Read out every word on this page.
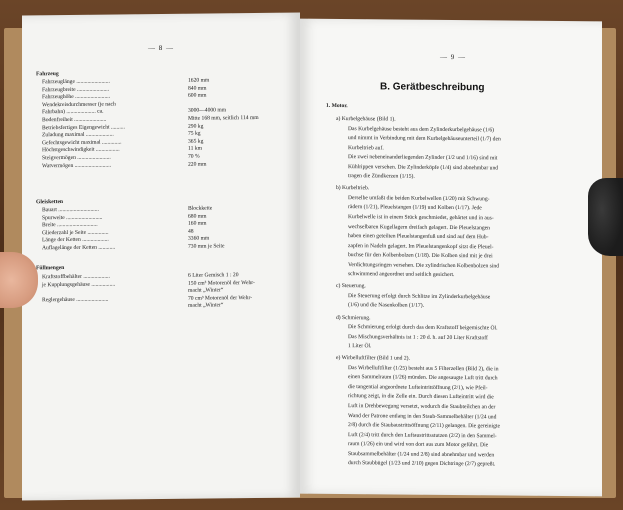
— 8 —
Fahrzeug
Fahrzeuglänge ........................	1620 mm
Fahrzeugbreite .......................	840 mm
Fahrzeughöhe .........................	600 mm
Wendekreisdurchmesser (je nach
Fahrbahn) ..................... ca.	3000—4000 mm
Bodenfreiheit .......................	Mitte 168 mm, seitlich 114 mm
Betriebsfertiges Eigengewicht ..........	290 kg
Zuladung maximal ....................	75 kg
Gefechtsgewicht maximal ..............	365 kg
Höchstgeschwindigkeit .................	11 km
Steigvermögen ........................	70 %
Watvermögen ..........................	220 mm
Gleisketten
Bauart .............................	Blockkette
Spurweite ..........................	680 mm
Breite .............................	160 mm
Gliederzahl je Seite ...............	48
Länge der Ketten ...................	3360 mm
Auflagelänge der Ketten ............	730 mm je Seite
Füllmengen
Kraftstoffbehälter ...................	6 Liter Gemisch 1 : 20
je Kupplungsgehäuse .................	150 cm³ Motorenöl der Wehr-
macht „Winter“
Reglergehäuse .......................	70 cm³ Motorenöl der Wehr-
macht „Winter“
— 9 —
B. Gerätbeschreibung
1. Motor.
a) Kurbelgehäuse (Bild 1).
Das Kurbelgehäuse besteht aus dem Zylinderkurbelgehäuse (1/6)
und nimmt in Verbindung mit dem Kurbelgehäuseunterteil (1/7) den
Kurbeltrieb auf.
Die zwei nebeneinanderliegenden Zylinder (1/2 und 1/16) sind mit
Kühlrippen versehen. Die Zylinderköpfe (1/4) sind abnehmbar und
tragen die Zündkerzen (1/15).
b) Kurbeltrieb.
Derselbe umfaßt die beiden Kurbelwellen (1/20) mit Schwung-
rädern (1/21), Pleuelstangen (1/19) und Kolben (1/17). Jede
Kurbelwelle ist in einem Stück geschmiedet, gehärtet und in aus-
wechselbaren Kugellagern dreifach gelagert. Die Pleuelstangen
haben einen geteilten Pleuelstangenfuß und sind auf dem Hub-
zapfen in Nadeln gelagert. Im Pleuelstangenkopf sitzt die Pleuel-
buchse für den Kolbenbolzen (1/18). Die Kolben sind mit je drei
Verdichtungsringen versehen. Die zylindrischen Kolbenbolzen sind
schwimmend angeordnet und seitlich gesichert.
c) Steuerung.
Die Steuerung erfolgt durch Schlitze im Zylinderkurbelgehäuse
(1/6) und die Nasenkolben (1/17).
d) Schmierung.
Die Schmierung erfolgt durch das dem Kraftstoff beigemischte Öl.
Das Mischungsverhältnis ist 1 : 20 d. h. auf 20 Liter Kraftstoff
1 Liter Öl.
e) Wirbelluftfilter (Bild 1 und 2).
Das Wirbelluftfilter (1/25) besteht aus 5 Filterzellen (Bild 2), die in
einen Sammelraum (1/26) münden. Die angesaugte Luft tritt durch
die tangential angeordnete Lufteintrittöffnung (2/1), wie Pfeil-
richtung zeigt, in die Zelle ein. Durch diesen Lufteintritt wird die
Luft in Drehbewegung versetzt, wodurch die Staubteilchen an der
Wand der Patrone entlang in den Staub-Sammelbehälter (1/24 und
2/8) durch die Staubaustrittsöffnung (2/11) gelangen. Die gereinigte
Luft (2/4) tritt durch den Luftaustrittsstutzen (2/2) in den Sammel-
raum (1/26) ein und wird von dort aus zum Motor geführt. Die
Staubsammelbehälter (1/24 und 2/8) sind abnehmbar und werden
durch Staubbügel (1/23 und 2/10) gegen Dichtringe (2/7) gepreßt.
